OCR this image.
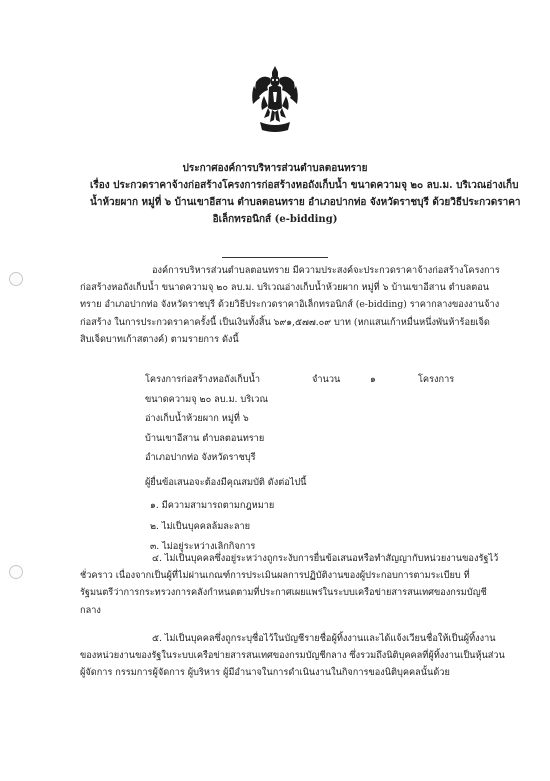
ประกาศองค์การบริหารส่วนตำบลตอนทราย
เรื่อง ประกวดราคาจ้างก่อสร้างโครงการก่อสร้างหอถังเก็บน้ำ ขนาดความจุ ๒๐ ลบ.ม. บริเวณอ่างเก็บ
น้ำห้วยผาก หมู่ที่ ๖ บ้านเขาอีสาน ตำบลตอนทราย อำเภอปากท่อ จังหวัดราชบุรี ด้วยวิธีประกวดราคา
อิเล็กทรอนิกส์ (e-bidding)
องค์การบริหารส่วนตำบลตอนทราย มีความประสงค์จะประกวดราคาจ้างก่อสร้างโครงการ
ก่อสร้างหอถังเก็บน้ำ ขนาดความจุ ๒๐ ลบ.ม. บริเวณอ่างเก็บน้ำห้วยผาก หมู่ที่ ๖ บ้านเขาอีสาน ตำบลตอน
ทราย อำเภอปากท่อ จังหวัดราชบุรี ด้วยวิธีประกวดราคาอิเล็กทรอนิกส์ (e-bidding) ราคากลางของงานจ้าง
ก่อสร้าง ในการประกวดราคาครั้งนี้ เป็นเงินทั้งสิ้น ๖๙๑,๕๗๗.๐๙ บาท (หกแสนเก้าหมื่นหนึ่งพันห้าร้อยเจ็ด
สิบเจ็ดบาทเก้าสตางค์) ตามรายการ ดังนี้
โครงการก่อสร้างหอถังเก็บน้ำ
ขนาดความจุ ๒๐ ลบ.ม. บริเวณ
อ่างเก็บน้ำห้วยผาก หมู่ที่ ๖
บ้านเขาอีสาน ตำบลตอนทราย
อำเภอปากท่อ จังหวัดราชบุรี
จำนวน	๑	โครงการ
ผู้ยื่นข้อเสนอจะต้องมีคุณสมบัติ ดังต่อไปนี้
๑. มีความสามารถตามกฎหมาย
๒. ไม่เป็นบุคคลล้มละลาย
๓. ไม่อยู่ระหว่างเลิกกิจการ
๔. ไม่เป็นบุคคลซึ่งอยู่ระหว่างถูกระงับการยื่นข้อเสนอหรือทำสัญญากับหน่วยงานของรัฐไว้
ชั่วคราว เนื่องจากเป็นผู้ที่ไม่ผ่านเกณฑ์การประเมินผลการปฏิบัติงานของผู้ประกอบการตามระเบียบ ที่
รัฐมนตรีว่าการกระทรวงการคลังกำหนดตามที่ประกาศเผยแพร่ในระบบเครือข่ายสารสนเทศของกรมบัญชี
กลาง
๕. ไม่เป็นบุคคลซึ่งถูกระบุชื่อไว้ในบัญชีรายชื่อผู้ทิ้งงานและได้แจ้งเวียนชื่อให้เป็นผู้ทิ้งงาน
ของหน่วยงานของรัฐในระบบเครือข่ายสารสนเทศของกรมบัญชีกลาง ซึ่งรวมถึงนิติบุคคลที่ผู้ทิ้งงานเป็นหุ้นส่วน
ผู้จัดการ กรรมการผู้จัดการ ผู้บริหาร ผู้มีอำนาจในการดำเนินงานในกิจการของนิติบุคคลนั้นด้วย
